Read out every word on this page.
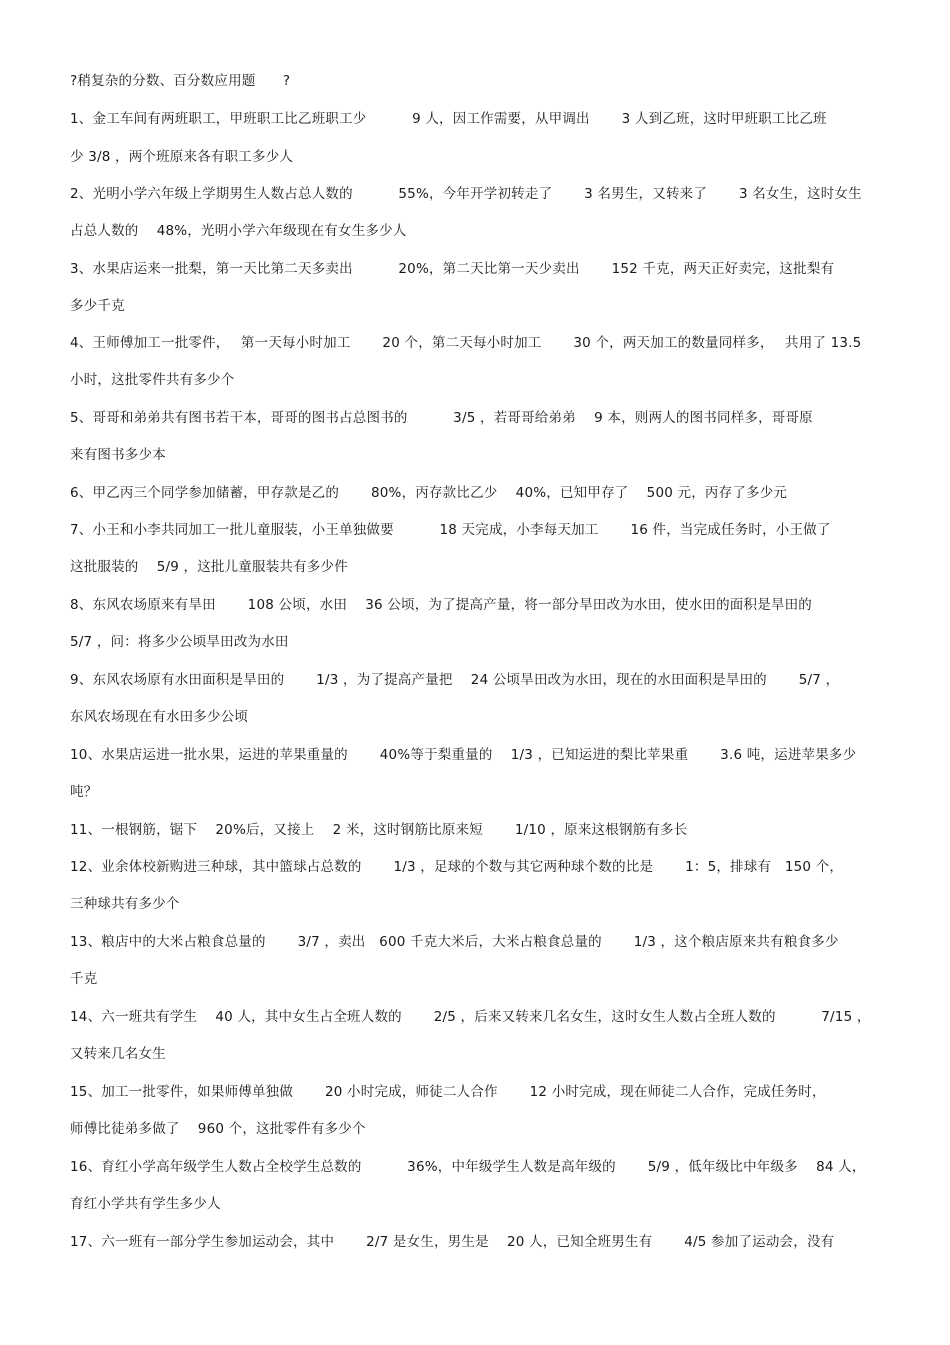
?稍复杂的分数、百分数应用题　　?
1、金工车间有两班职工，甲班职工比乙班职工少　　　 9 人，因工作需要，从甲调出　　 3 人到乙班，这时甲班职工比乙班
少 3/8 ，两个班原来各有职工多少人
2、光明小学六年级上学期男生人数占总人数的　　　 55%，今年开学初转走了　　 3 名男生，又转来了　　 3 名女生，这时女生
占总人数的　 48%，光明小学六年级现在有女生多少人
3、水果店运来一批梨，第一天比第二天多卖出　　　 20%，第二天比第一天少卖出　　 152 千克，两天正好卖完，这批梨有
多少千克
4、王师傅加工一批零件，　 第一天每小时加工　　 20 个，第二天每小时加工　　 30 个，两天加工的数量同样多，　 共用了 13.5
小时，这批零件共有多少个
5、哥哥和弟弟共有图书若干本，哥哥的图书占总图书的　　　 3/5 ，若哥哥给弟弟　 9 本，则两人的图书同样多，哥哥原
来有图书多少本
6、甲乙丙三个同学参加储蓄，甲存款是乙的　　 80%，丙存款比乙少　 40%，已知甲存了　 500 元，丙存了多少元
7、小王和小李共同加工一批儿童服装，小王单独做要　　　 18 天完成，小李每天加工　　 16 件，当完成任务时，小王做了
这批服装的　 5/9 ，这批儿童服装共有多少件
8、东风农场原来有旱田　　 108 公顷，水田　 36 公顷，为了提高产量，将一部分旱田改为水田，使水田的面积是旱田的
5/7 ，问：将多少公顷旱田改为水田
9、东风农场原有水田面积是旱田的　　 1/3 ，为了提高产量把　 24 公顷旱田改为水田，现在的水田面积是旱田的　　 5/7 ，
东风农场现在有水田多少公顷
10、水果店运进一批水果，运进的苹果重量的　　 40%等于梨重量的　 1/3 ，已知运进的梨比苹果重　　 3.6 吨，运进苹果多少
吨？
11、一根钢筋，锯下　 20%后，又接上　 2 米，这时钢筋比原来短　　 1/10 ，原来这根钢筋有多长
12、业余体校新购进三种球，其中篮球占总数的　　 1/3 ，足球的个数与其它两种球个数的比是　　 1：5，排球有　150 个，
三种球共有多少个
13、粮店中的大米占粮食总量的　　 3/7 ，卖出　600 千克大米后，大米占粮食总量的　　 1/3 ，这个粮店原来共有粮食多少
千克
14、六一班共有学生　 40 人，其中女生占全班人数的　　 2/5 ，后来又转来几名女生，这时女生人数占全班人数的　　　 7/15 ，
又转来几名女生
15、加工一批零件，如果师傅单独做　　 20 小时完成，师徒二人合作　　 12 小时完成，现在师徒二人合作，完成任务时，
师傅比徒弟多做了　 960 个，这批零件有多少个
16、育红小学高年级学生人数占全校学生总数的　　　 36%，中年级学生人数是高年级的　　 5/9 ，低年级比中年级多　 84 人，
育红小学共有学生多少人
17、六一班有一部分学生参加运动会，其中　　 2/7 是女生，男生是　 20 人，已知全班男生有　　 4/5 参加了运动会，没有
